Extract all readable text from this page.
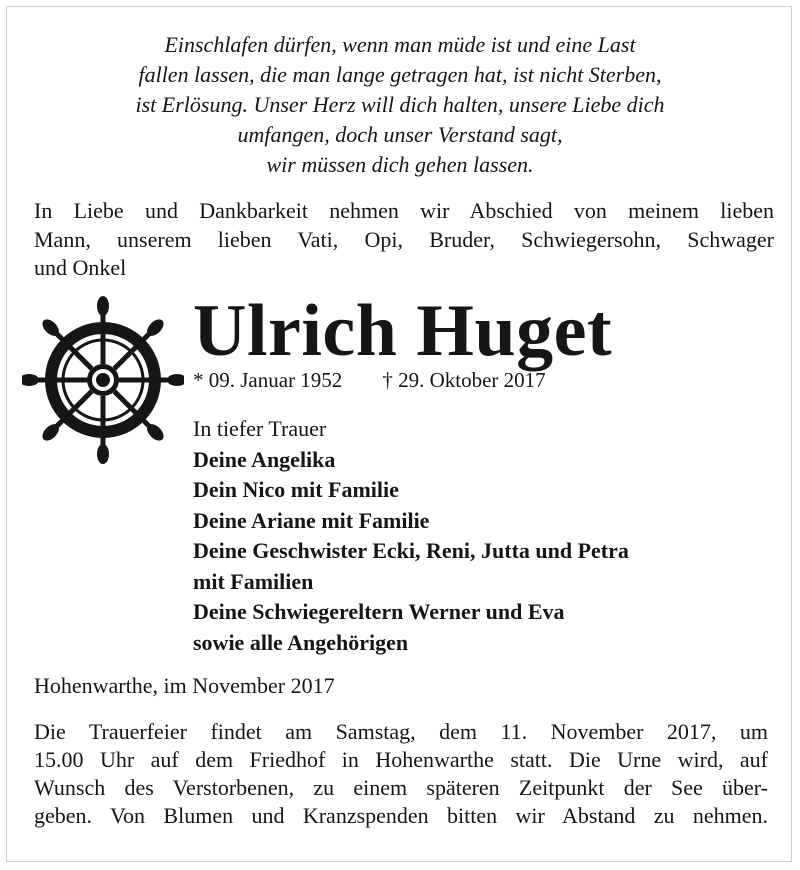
Einschlafen dürfen, wenn man müde ist und eine Last
fallen lassen, die man lange getragen hat, ist nicht Sterben,
ist Erlösung. Unser Herz will dich halten, unsere Liebe dich
umfangen, doch unser Verstand sagt,
wir müssen dich gehen lassen.
In Liebe und Dankbarkeit nehmen wir Abschied von meinem lieben
Mann, unserem lieben Vati, Opi, Bruder, Schwiegersohn, Schwager
und Onkel
Ulrich Huget
* 09. Januar 1952 † 29. Oktober 2017
In tiefer Trauer
Deine Angelika
Dein Nico mit Familie
Deine Ariane mit Familie
Deine Geschwister Ecki, Reni, Jutta und Petra
mit Familien
Deine Schwiegereltern Werner und Eva
sowie alle Angehörigen
Hohenwarthe, im November 2017
Die Trauerfeier findet am Samstag, dem 11. November 2017, um
15.00 Uhr auf dem Friedhof in Hohenwarthe statt. Die Urne wird, auf
Wunsch des Verstorbenen, zu einem späteren Zeitpunkt der See über-
geben. Von Blumen und Kranzspenden bitten wir Abstand zu nehmen.
